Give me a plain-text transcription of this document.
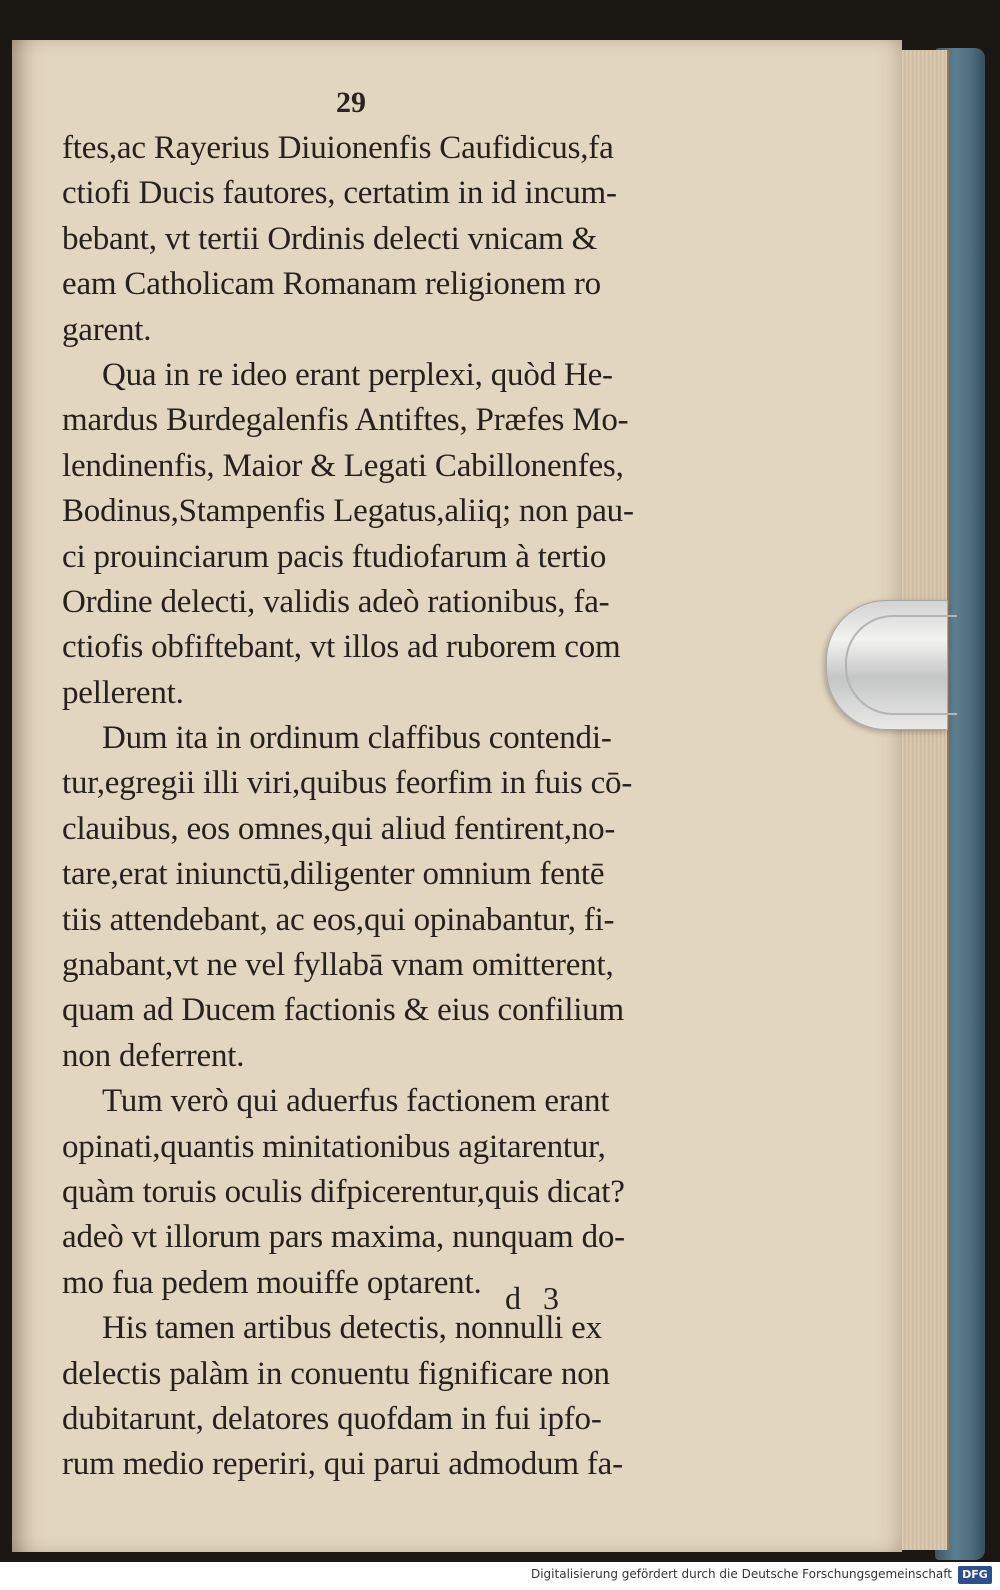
29
ftes,ac Rayerius Diuionenfis Caufidicus,fa
ctiofi Ducis fautores, certatim in id incum-
bebant, vt tertii Ordinis delecti vnicam &
eam Catholicam Romanam religionem ro
garent.
Qua in re ideo erant perplexi, quòd He-
mardus Burdegalenfis Antiftes, Præfes Mo-
lendinenfis, Maior & Legati Cabillonenfes,
Bodinus,Stampenfis Legatus,aliiq; non pau-
ci prouinciarum pacis ftudiofarum à tertio
Ordine delecti, validis adeò rationibus, fa-
ctiofis obfiftebant, vt illos ad ruborem com
pellerent.
Dum ita in ordinum claffibus contendi-
tur,egregii illi viri,quibus feorfim in fuis cō-
clauibus, eos omnes,qui aliud fentirent,no-
tare,erat iniunctū,diligenter omnium fentē
tiis attendebant, ac eos,qui opinabantur, fi-
gnabant,vt ne vel fyllabā vnam omitterent,
quam ad Ducem factionis & eius confilium
non deferrent.
Tum verò qui aduerfus factionem erant
opinati,quantis minitationibus agitarentur,
quàm toruis oculis difpicerentur,quis dicat?
adeò vt illorum pars maxima, nunquam do-
mo fua pedem mouiffe optarent.
His tamen artibus detectis, nonnulli ex
delectis palàm in conuentu fignificare non
dubitarunt, delatores quofdam in fui ipfo-
rum medio reperiri, qui parui admodum fa-
d 3
Digitalisierung gefördert durch die Deutsche Forschungsgemeinschaft DFG
